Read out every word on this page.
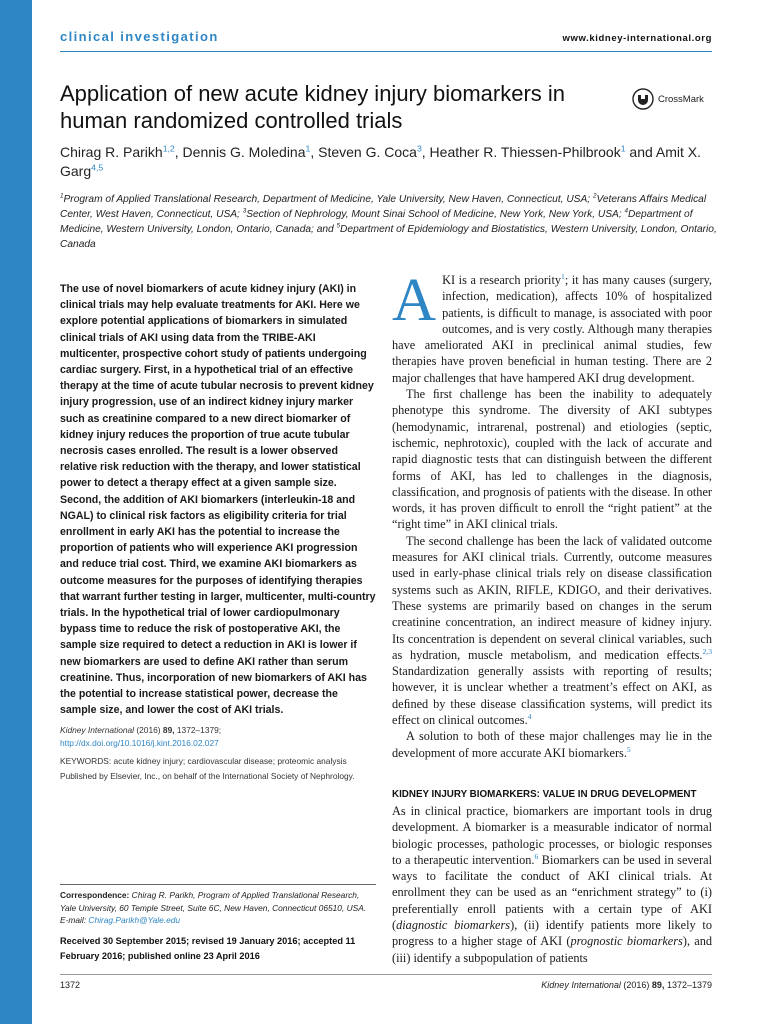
clinical investigation	www.kidney-international.org
Application of new acute kidney injury biomarkers in human randomized controlled trials
CrossMark
Chirag R. Parikh$^{1,2}$, Dennis G. Moledina$^1$, Steven G. Coca$^3$, Heather R. Thiessen-Philbrook$^1$ and Amit X. Garg$^{4,5}$
$^1$Program of Applied Translational Research, Department of Medicine, Yale University, New Haven, Connecticut, USA; $^2$Veterans Affairs Medical Center, West Haven, Connecticut, USA; $^3$Section of Nephrology, Mount Sinai School of Medicine, New York, New York, USA; $^4$Department of Medicine, Western University, London, Ontario, Canada; and $^5$Department of Epidemiology and Biostatistics, Western University, London, Ontario, Canada
The use of novel biomarkers of acute kidney injury (AKI) in clinical trials may help evaluate treatments for AKI. Here we explore potential applications of biomarkers in simulated clinical trials of AKI using data from the TRIBE-AKI multicenter, prospective cohort study of patients undergoing cardiac surgery. First, in a hypothetical trial of an effective therapy at the time of acute tubular necrosis to prevent kidney injury progression, use of an indirect kidney injury marker such as creatinine compared to a new direct biomarker of kidney injury reduces the proportion of true acute tubular necrosis cases enrolled. The result is a lower observed relative risk reduction with the therapy, and lower statistical power to detect a therapy effect at a given sample size. Second, the addition of AKI biomarkers (interleukin-18 and NGAL) to clinical risk factors as eligibility criteria for trial enrollment in early AKI has the potential to increase the proportion of patients who will experience AKI progression and reduce trial cost. Third, we examine AKI biomarkers as outcome measures for the purposes of identifying therapies that warrant further testing in larger, multicenter, multi-country trials. In the hypothetical trial of lower cardiopulmonary bypass time to reduce the risk of postoperative AKI, the sample size required to detect a reduction in AKI is lower if new biomarkers are used to deﬁne AKI rather than serum creatinine. Thus, incorporation of new biomarkers of AKI has the potential to increase statistical power, decrease the sample size, and lower the cost of AKI trials.
Kidney International (2016) 89, 1372–1379; http://dx.doi.org/10.1016/j.kint.2016.02.027
KEYWORDS: acute kidney injury; cardiovascular disease; proteomic analysis
Published by Elsevier, Inc., on behalf of the International Society of Nephrology.
Correspondence: Chirag R. Parikh, Program of Applied Translational Research, Yale University, 60 Temple Street, Suite 6C, New Haven, Connecticut 06510, USA. E-mail: Chirag.Parikh@Yale.edu
Received 30 September 2015; revised 19 January 2016; accepted 11 February 2016; published online 23 April 2016

AKI is a research priority$^1$; it has many causes (surgery, infection, medication), affects 10% of hospitalized patients, is difﬁcult to manage, is associated with poor outcomes, and is very costly. Although many therapies have ameliorated AKI in preclinical animal studies, few therapies have proven beneﬁcial in human testing. There are 2 major challenges that have hampered AKI drug development.

The ﬁrst challenge has been the inability to adequately phenotype this syndrome. The diversity of AKI subtypes (hemodynamic, intrarenal, postrenal) and etiologies (septic, ischemic, nephrotoxic), coupled with the lack of accurate and rapid diagnostic tests that can distinguish between the different forms of AKI, has led to challenges in the diagnosis, classiﬁcation, and prognosis of patients with the disease. In other words, it has proven difﬁcult to enroll the “right patient” at the “right time” in AKI clinical trials.

The second challenge has been the lack of validated outcome measures for AKI clinical trials. Currently, outcome measures used in early-phase clinical trials rely on disease classiﬁcation systems such as AKIN, RIFLE, KDIGO, and their derivatives. These systems are primarily based on changes in the serum creatinine concentration, an indirect measure of kidney injury. Its concentration is dependent on several clinical variables, such as hydration, muscle metabolism, and medication effects.$^{2,3}$ Standardization generally assists with reporting of results; however, it is unclear whether a treatment’s effect on AKI, as deﬁned by these disease classiﬁcation systems, will predict its effect on clinical outcomes.$^4$

A solution to both of these major challenges may lie in the development of more accurate AKI biomarkers.$^5$

KIDNEY INJURY BIOMARKERS: VALUE IN DRUG DEVELOPMENT

As in clinical practice, biomarkers are important tools in drug development. A biomarker is a measurable indicator of normal biologic processes, pathologic processes, or biologic responses to a therapeutic intervention.$^6$ Biomarkers can be used in several ways to facilitate the conduct of AKI clinical trials. At enrollment they can be used as an “enrichment strategy” to (i) preferentially enroll patients with a certain type of AKI (diagnostic biomarkers), (ii) identify patients more likely to progress to a higher stage of AKI (prognostic biomarkers), and (iii) identify a subpopulation of patients

1372	Kidney International (2016) 89, 1372–1379
